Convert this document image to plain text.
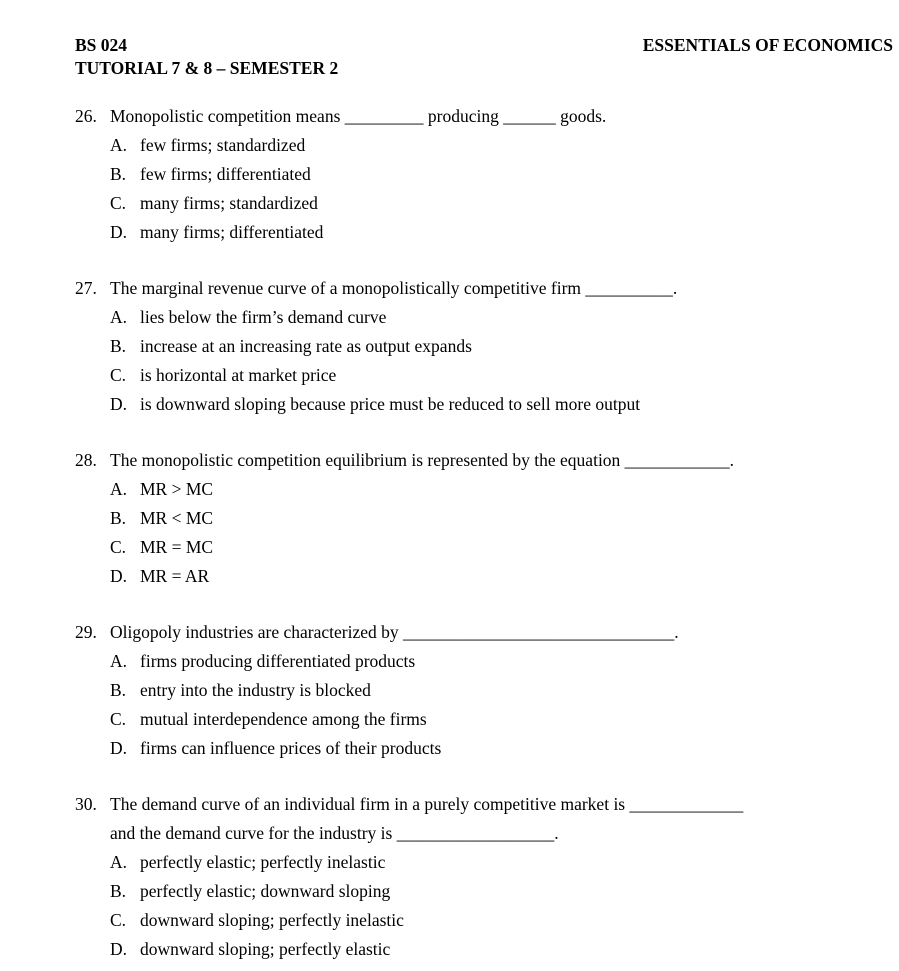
BS 024
TUTORIAL 7 & 8 – SEMESTER 2
ESSENTIALS OF ECONOMICS
26. Monopolistic competition means _________ producing ______ goods.
A. few firms; standardized
B. few firms; differentiated
C. many firms; standardized
D. many firms; differentiated
27. The marginal revenue curve of a monopolistically competitive firm __________.
A. lies below the firm’s demand curve
B. increase at an increasing rate as output expands
C. is horizontal at market price
D. is downward sloping because price must be reduced to sell more output
28. The monopolistic competition equilibrium is represented by the equation ____________.
A. MR > MC
B. MR < MC
C. MR = MC
D. MR = AR
29. Oligopoly industries are characterized by _______________________________.
A. firms producing differentiated products
B. entry into the industry is blocked
C. mutual interdependence among the firms
D. firms can influence prices of their products
30. The demand curve of an individual firm in a purely competitive market is _____________
and the demand curve for the industry is __________________.
A. perfectly elastic; perfectly inelastic
B. perfectly elastic; downward sloping
C. downward sloping; perfectly inelastic
D. downward sloping; perfectly elastic
